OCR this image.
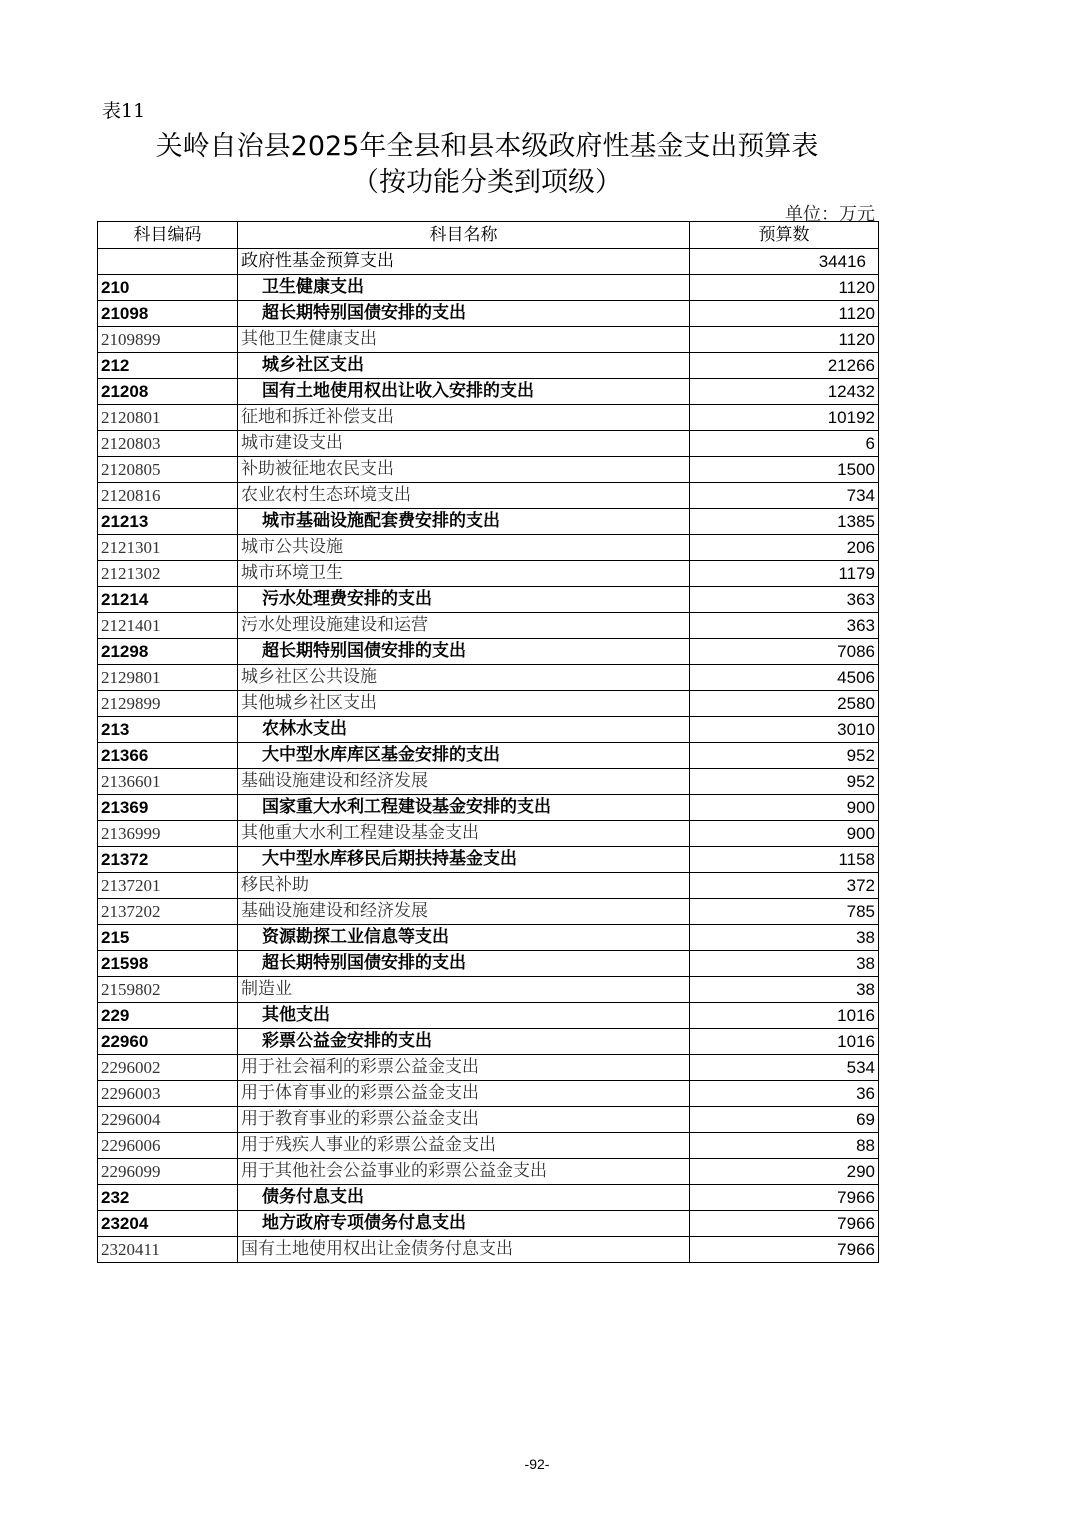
表11
关岭自治县2025年全县和县本级政府性基金支出预算表
（按功能分类到项级）
单位：万元
科目编码	科目名称	预算数
	政府性基金预算支出	34416
210	卫生健康支出	1120
21098	超长期特别国债安排的支出	1120
2109899	其他卫生健康支出	1120
212	城乡社区支出	21266
21208	国有土地使用权出让收入安排的支出	12432
2120801	征地和拆迁补偿支出	10192
2120803	城市建设支出	6
2120805	补助被征地农民支出	1500
2120816	农业农村生态环境支出	734
21213	城市基础设施配套费安排的支出	1385
2121301	城市公共设施	206
2121302	城市环境卫生	1179
21214	污水处理费安排的支出	363
2121401	污水处理设施建设和运营	363
21298	超长期特别国债安排的支出	7086
2129801	城乡社区公共设施	4506
2129899	其他城乡社区支出	2580
213	农林水支出	3010
21366	大中型水库库区基金安排的支出	952
2136601	基础设施建设和经济发展	952
21369	国家重大水利工程建设基金安排的支出	900
2136999	其他重大水利工程建设基金支出	900
21372	大中型水库移民后期扶持基金支出	1158
2137201	移民补助	372
2137202	基础设施建设和经济发展	785
215	资源勘探工业信息等支出	38
21598	超长期特别国债安排的支出	38
2159802	制造业	38
229	其他支出	1016
22960	彩票公益金安排的支出	1016
2296002	用于社会福利的彩票公益金支出	534
2296003	用于体育事业的彩票公益金支出	36
2296004	用于教育事业的彩票公益金支出	69
2296006	用于残疾人事业的彩票公益金支出	88
2296099	用于其他社会公益事业的彩票公益金支出	290
232	债务付息支出	7966
23204	地方政府专项债务付息支出	7966
2320411	国有土地使用权出让金债务付息支出	7966
-92-
